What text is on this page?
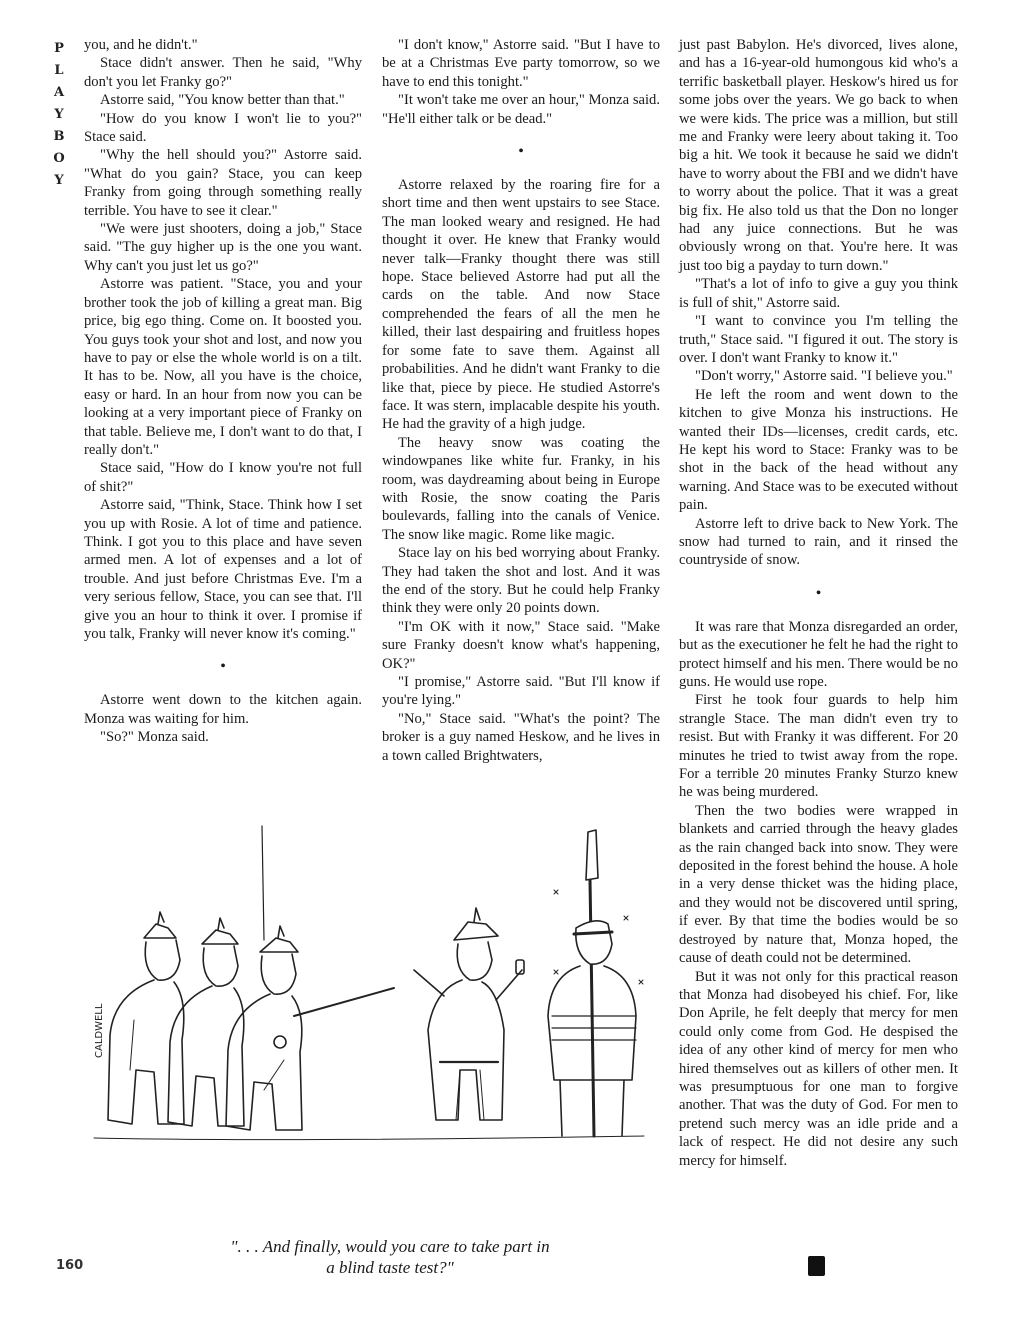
P
L
A
Y
B
O
Y

you, and he didn't."

Stace didn't answer. Then he said, "Why don't you let Franky go?"

Astorre said, "You know better than that."

"How do you know I won't lie to you?" Stace said.

"Why the hell should you?" Astorre said. "What do you gain? Stace, you can keep Franky from going through something really terrible. You have to see it clear."

"We were just shooters, doing a job," Stace said. "The guy higher up is the one you want. Why can't you just let us go?"

Astorre was patient. "Stace, you and your brother took the job of killing a great man. Big price, big ego thing. Come on. It boosted you. You guys took your shot and lost, and now you have to pay or else the whole world is on a tilt. It has to be. Now, all you have is the choice, easy or hard. In an hour from now you can be looking at a very important piece of Franky on that table. Believe me, I don't want to do that, I really don't."

Stace said, "How do I know you're not full of shit?"

Astorre said, "Think, Stace. Think how I set you up with Rosie. A lot of time and patience. Think. I got you to this place and have seven armed men. A lot of expenses and a lot of trouble. And just before Christmas Eve. I'm a very serious fellow, Stace, you can see that. I'll give you an hour to think it over. I promise if you talk, Franky will never know it's coming."

•

Astorre went down to the kitchen again. Monza was waiting for him.

"So?" Monza said.

"I don't know," Astorre said. "But I have to be at a Christmas Eve party tomorrow, so we have to end this tonight."

"It won't take me over an hour," Monza said. "He'll either talk or be dead."

•

Astorre relaxed by the roaring fire for a short time and then went upstairs to see Stace. The man looked weary and resigned. He had thought it over. He knew that Franky would never talk—Franky thought there was still hope. Stace believed Astorre had put all the cards on the table. And now Stace comprehended the fears of all the men he killed, their last despairing and fruitless hopes for some fate to save them. Against all probabilities. And he didn't want Franky to die like that, piece by piece. He studied Astorre's face. It was stern, implacable despite his youth. He had the gravity of a high judge.

The heavy snow was coating the windowpanes like white fur. Franky, in his room, was daydreaming about being in Europe with Rosie, the snow coating the Paris boulevards, falling into the canals of Venice. The snow like magic. Rome like magic.

Stace lay on his bed worrying about Franky. They had taken the shot and lost. And it was the end of the story. But he could help Franky think they were only 20 points down.

"I'm OK with it now," Stace said. "Make sure Franky doesn't know what's happening, OK?"

"I promise," Astorre said. "But I'll know if you're lying."

"No," Stace said. "What's the point? The broker is a guy named Heskow, and he lives in a town called Brightwaters,

just past Babylon. He's divorced, lives alone, and has a 16-year-old humongous kid who's a terrific basketball player. Heskow's hired us for some jobs over the years. We go back to when we were kids. The price was a million, but still me and Franky were leery about taking it. Too big a hit. We took it because he said we didn't have to worry about the FBI and we didn't have to worry about the police. That it was a great big fix. He also told us that the Don no longer had any juice connections. But he was obviously wrong on that. You're here. It was just too big a payday to turn down."

"That's a lot of info to give a guy you think is full of shit," Astorre said.

"I want to convince you I'm telling the truth," Stace said. "I figured it out. The story is over. I don't want Franky to know it."

"Don't worry," Astorre said. "I believe you."

He left the room and went down to the kitchen to give Monza his instructions. He wanted their IDs—licenses, credit cards, etc. He kept his word to Stace: Franky was to be shot in the back of the head without any warning. And Stace was to be executed without pain.

Astorre left to drive back to New York. The snow had turned to rain, and it rinsed the countryside of snow.

•

It was rare that Monza disregarded an order, but as the executioner he felt he had the right to protect himself and his men. There would be no guns. He would use rope.

First he took four guards to help him strangle Stace. The man didn't even try to resist. But with Franky it was different. For 20 minutes he tried to twist away from the rope. For a terrible 20 minutes Franky Sturzo knew he was being murdered.

Then the two bodies were wrapped in blankets and carried through the heavy glades as the rain changed back into snow. They were deposited in the forest behind the house. A hole in a very dense thicket was the hiding place, and they would not be discovered until spring, if ever. By that time the bodies would be so destroyed by nature that, Monza hoped, the cause of death could not be determined.

But it was not only for this practical reason that Monza had disobeyed his chief. For, like Don Aprile, he felt deeply that mercy for men could only come from God. He despised the idea of any other kind of mercy for men who hired themselves out as killers of other men. It was presumptuous for one man to forgive another. That was the duty of God. For men to pretend such mercy was an idle pride and a lack of respect. He did not desire any such mercy for himself.

CALDWELL
". . . And finally, would you care to take part in
a blind taste test?"
160
